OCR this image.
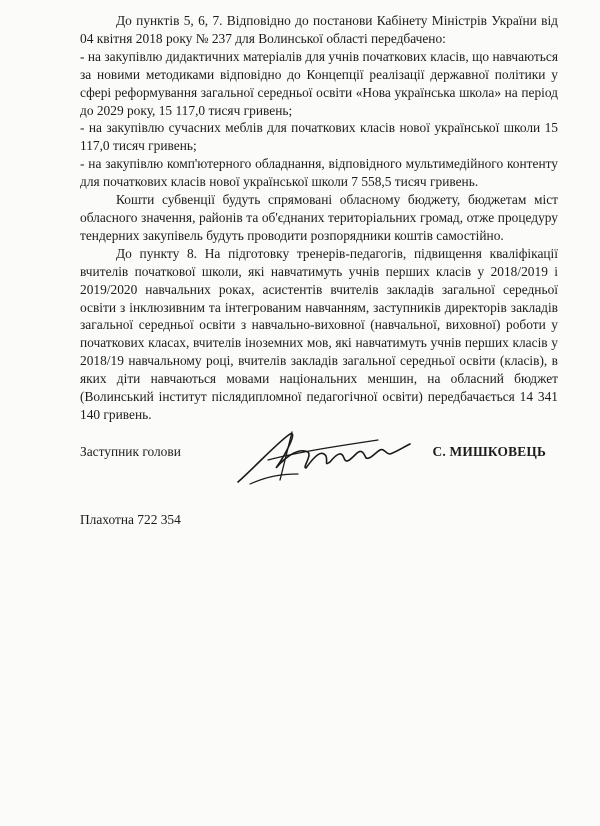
До пунктів 5, 6, 7. Відповідно до постанови Кабінету Міністрів України від 04 квітня 2018 року № 237 для Волинської області передбачено:

- на закупівлю дидактичних матеріалів для учнів початкових класів, що навчаються за новими методиками відповідно до Концепції реалізації державної політики у сфері реформування загальної середньої освіти «Нова українська школа» на період до 2029 року, 15 117,0 тисяч гривень;

- на закупівлю сучасних меблів для початкових класів нової української школи 15 117,0 тисяч гривень;

- на закупівлю комп'ютерного обладнання, відповідного мультимедійного контенту для початкових класів нової української школи 7 558,5 тисяч гривень.

Кошти субвенції будуть спрямовані обласному бюджету, бюджетам міст обласного значення, районів та об'єднаних територіальних громад, отже процедуру тендерних закупівель будуть проводити розпорядники коштів самостійно.

До пункту 8. На підготовку тренерів-педагогів, підвищення кваліфікації вчителів початкової школи, які навчатимуть учнів перших класів у 2018/2019 і 2019/2020 навчальних роках, асистентів вчителів закладів загальної середньої освіти з інклюзивним та інтегрованим навчанням, заступників директорів закладів загальної середньої освіти з навчально-виховної (навчальної, виховної) роботи у початкових класах, вчителів іноземних мов, які навчатимуть учнів перших класів у 2018/19 навчальному році, вчителів закладів загальної середньої освіти (класів), в яких діти навчаються мовами національних меншин, на обласний бюджет (Волинський інститут післядипломної педагогічної освіти) передбачається 14 341 140 гривень.

Заступник голови	С. МИШКОВЕЦЬ
Плахотна 722 354
